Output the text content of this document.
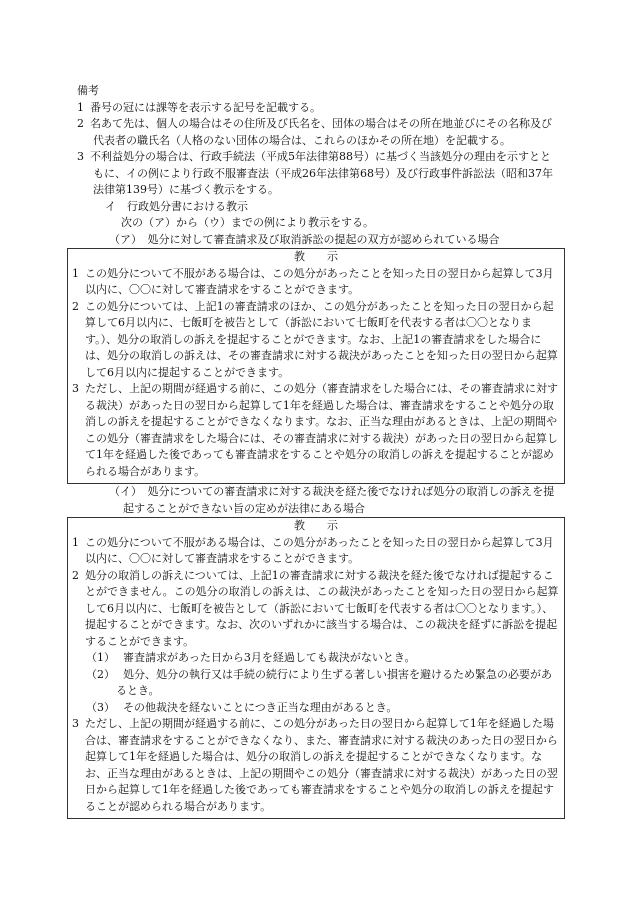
備考

1 番号の冠には課等を表示する記号を記載する。

2 名あて先は、個人の場合はその住所及び氏名を、団体の場合はその所在地並びにその名称及び代表者の職氏名（人格のない団体の場合は、これらのほかその所在地）を記載する。

3 不利益処分の場合は、行政手続法（平成5年法律第88号）に基づく当該処分の理由を示すとともに、イの例により行政不服審査法（平成26年法律第68号）及び行政事件訴訟法（昭和37年法律第139号）に基づく教示をする。

イ　 行政処分書における教示

次の（ア）から（ウ）までの例により教示をする。

（ア）　 処分に対して審査請求及び取消訴訟の提起の双方が認められている場合

教　　示

1 この処分について不服がある場合は、この処分があったことを知った日の翌日から起算して3月以内に、〇〇に対して審査請求をすることができます。

2 この処分については、上記1の審査請求のほか、この処分があったことを知った日の翌日から起算して6月以内に、七飯町を被告として（訴訟において七飯町を代表する者は〇〇となります。）、処分の取消しの訴えを提起することができます。なお、上記1の審査請求をした場合には、処分の取消しの訴えは、その審査請求に対する裁決があったことを知った日の翌日から起算して6月以内に提起することができます。

3 ただし、上記の期間が経過する前に、この処分（審査請求をした場合には、その審査請求に対する裁決）があった日の翌日から起算して1年を経過した場合は、審査請求をすることや処分の取消しの訴えを提起することができなくなります。なお、正当な理由があるときは、上記の期間やこの処分（審査請求をした場合には、その審査請求に対する裁決）があった日の翌日から起算して1年を経過した後であっても審査請求をすることや処分の取消しの訴えを提起することが認められる場合があります。

（イ）　 処分についての審査請求に対する裁決を経た後でなければ処分の取消しの訴えを提起することができない旨の定めが法律にある場合

教　　示

1 この処分について不服がある場合は、この処分があったことを知った日の翌日から起算して3月以内に、〇〇に対して審査請求をすることができます。

2 処分の取消しの訴えについては、上記1の審査請求に対する裁決を経た後でなければ提起することができません。この処分の取消しの訴えは、この裁決があったことを知った日の翌日から起算して6月以内に、七飯町を被告として（訴訟において七飯町を代表する者は〇〇となります。）、提起することができます。なお、次のいずれかに該当する場合は、この裁決を経ずに訴訟を提起することができます。

（1） 審査請求があった日から3月を経過しても裁決がないとき。

（2） 処分、処分の執行又は手続の続行により生ずる著しい損害を避けるため緊急の必要があるとき。

（3） その他裁決を経ないことにつき正当な理由があるとき。

3 ただし、上記の期間が経過する前に、この処分があった日の翌日から起算して1年を経過した場合は、審査請求をすることができなくなり、また、審査請求に対する裁決のあった日の翌日から起算して1年を経過した場合は、処分の取消しの訴えを提起することができなくなります。なお、正当な理由があるときは、上記の期間やこの処分（審査請求に対する裁決）があった日の翌日から起算して1年を経過した後であっても審査請求をすることや処分の取消しの訴えを提起することが認められる場合があります。
